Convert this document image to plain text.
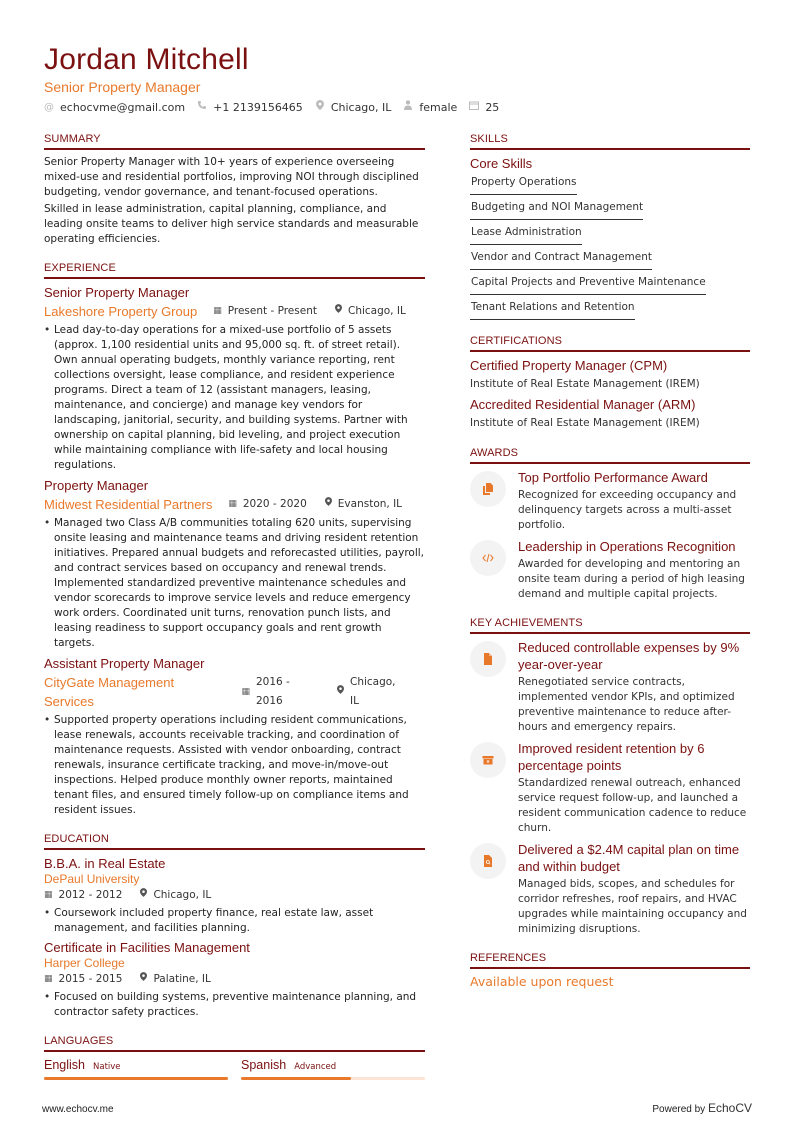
Jordan Mitchell
Senior Property Manager
@ echocvme@gmail.com	+1 2139156465	Chicago, IL	female	25
SUMMARY

Senior Property Manager with 10+ years of experience overseeing mixed-use and residential portfolios, improving NOI through disciplined budgeting, vendor governance, and tenant-focused operations.

Skilled in lease administration, capital planning, compliance, and leading onsite teams to deliver high service standards and measurable operating efficiencies.

EXPERIENCE
Senior Property Manager
Lakeshore Property Group ▦ Present - Present	Chicago, IL
• Lead day-to-day operations for a mixed-use portfolio of 5 assets (approx. 1,100 residential units and 95,000 sq. ft. of street retail). Own annual operating budgets, monthly variance reporting, rent collections oversight, lease compliance, and resident experience programs. Direct a team of 12 (assistant managers, leasing, maintenance, and concierge) and manage key vendors for landscaping, janitorial, security, and building systems. Partner with ownership on capital planning, bid leveling, and project execution while maintaining compliance with life-safety and local housing regulations.
Property Manager
Midwest Residential Partners ▦ 2020 - 2020	Evanston, IL
• Managed two Class A/B communities totaling 620 units, supervising onsite leasing and maintenance teams and driving resident retention initiatives. Prepared annual budgets and reforecasted utilities, payroll, and contract services based on occupancy and renewal trends. Implemented standardized preventive maintenance schedules and vendor scorecards to improve service levels and reduce emergency work orders. Coordinated unit turns, renovation punch lists, and leasing readiness to support occupancy goals and rent growth targets.
Assistant Property Manager
CityGate Management Services
▦
2016 - 2016
Chicago, IL
• Supported property operations including resident communications, lease renewals, accounts receivable tracking, and coordination of maintenance requests. Assisted with vendor onboarding, contract renewals, insurance certificate tracking, and move-in/move-out inspections. Helped produce monthly owner reports, maintained tenant files, and ensured timely follow-up on compliance items and resident issues.
EDUCATION
B.B.A. in Real Estate
DePaul University
▦ 2012 - 2012	Chicago, IL
• Coursework included property finance, real estate law, asset management, and facilities planning.
Certificate in Facilities Management
Harper College
▦ 2015 - 2015	Palatine, IL
• Focused on building systems, preventive maintenance planning, and contractor safety practices.
LANGUAGES
English Native	Spanish Advanced
SKILLS
Core Skills
Property Operations
Budgeting and NOI Management
Lease Administration
Vendor and Contract Management
Capital Projects and Preventive Maintenance
Tenant Relations and Retention
CERTIFICATIONS
Certified Property Manager (CPM)
Institute of Real Estate Management (IREM)
Accredited Residential Manager (ARM)
Institute of Real Estate Management (IREM)
AWARDS
Top Portfolio Performance Award
Recognized for exceeding occupancy and delinquency targets across a multi-asset portfolio.
Leadership in Operations Recognition
Awarded for developing and mentoring an onsite team during a period of high leasing demand and multiple capital projects.
KEY ACHIEVEMENTS
Reduced controllable expenses by 9% year-over-year
Renegotiated service contracts, implemented vendor KPIs, and optimized preventive maintenance to reduce after-hours and emergency repairs.
Improved resident retention by 6 percentage points
Standardized renewal outreach, enhanced service request follow-up, and launched a resident communication cadence to reduce churn.
Delivered a $2.4M capital plan on time and within budget
Managed bids, scopes, and schedules for corridor refreshes, roof repairs, and HVAC upgrades while maintaining occupancy and minimizing disruptions.
REFERENCES
Available upon request
www.echocv.me	Powered by EchoCV
